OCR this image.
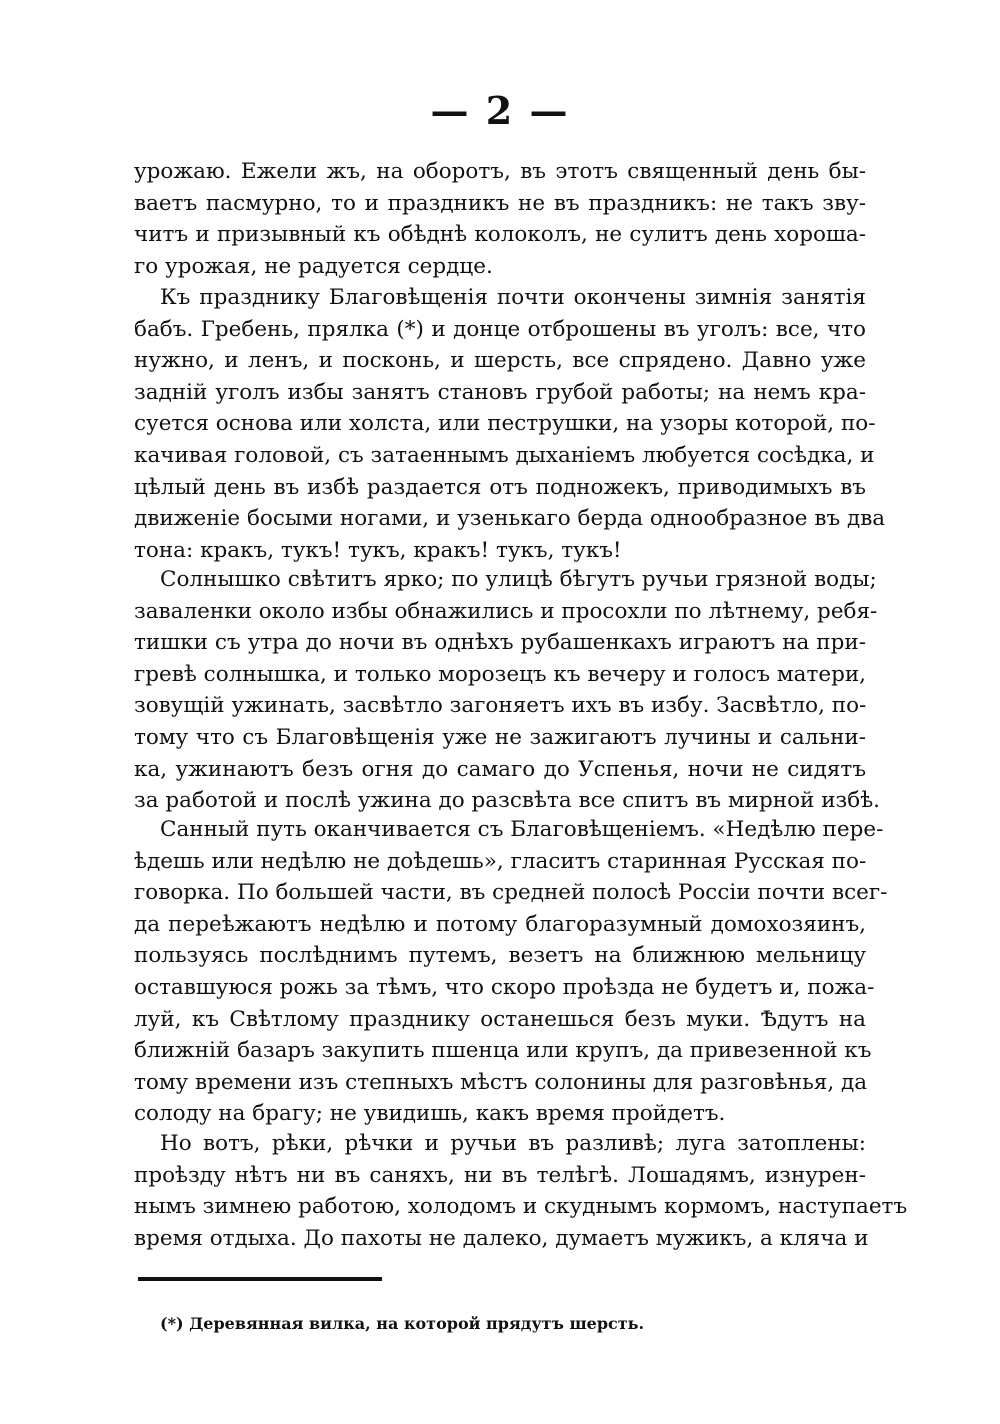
— 2 —
урожаю. Ежели жъ, на оборотъ, въ этотъ священный день бы-
ваетъ пасмурно, то и праздникъ не въ праздникъ: не такъ зву-
читъ и призывный къ обѣднѣ колоколъ, не сулитъ день хороша-
го урожая, не радуется сердце.
Къ празднику Благовѣщенія почти окончены зимнія занятія
бабъ. Гребень, прялка (*) и донце отброшены въ уголъ: все, что
нужно, и ленъ, и посконь, и шерсть, все спрядено. Давно уже
задній уголъ избы занятъ становъ грубой работы; на немъ кра-
суется основа или холста, или пеструшки, на узоры которой, по-
качивая головой, съ затаеннымъ дыханіемъ любуется сосѣдка, и
цѣлый день въ избѣ раздается отъ подножекъ, приводимыхъ въ
движеніе босыми ногами, и узенькаго берда однообразное въ два
тона: кракъ, тукъ! тукъ, кракъ! тукъ, тукъ!
Солнышко свѣтитъ ярко; по улицѣ бѣгутъ ручьи грязной воды;
заваленки около избы обнажились и просохли по лѣтнему, ребя-
тишки съ утра до ночи въ однѣхъ рубашенкахъ играютъ на при-
гревѣ солнышка, и только морозецъ къ вечеру и голосъ матери,
зовущій ужинать, засвѣтло загоняетъ ихъ въ избу. Засвѣтло, по-
тому что съ Благовѣщенія уже не зажигаютъ лучины и сальни-
ка, ужинаютъ безъ огня до самаго до Успенья, ночи не сидятъ
за работой и послѣ ужина до разсвѣта все спитъ въ мирной избѣ.
Санный путь оканчивается съ Благовѣщеніемъ. «Недѣлю пере-
ѣдешь или недѣлю не доѣдешь», гласитъ старинная Русская по-
говорка. По большей части, въ средней полосѣ Россіи почти всег-
да переѣжаютъ недѣлю и потому благоразумный домохозяинъ,
пользуясь послѣднимъ путемъ, везетъ на ближнюю мельницу
оставшуюся рожь за тѣмъ, что скоро проѣзда не будетъ и, пожа-
луй, къ Свѣтлому празднику останешься безъ муки. Ѣдутъ на
ближній базаръ закупить пшенца или крупъ, да привезенной къ
тому времени изъ степныхъ мѣстъ солонины для разговѣнья, да
солоду на брагу; не увидишь, какъ время пройдетъ.
Но вотъ, рѣки, рѣчки и ручьи въ разливѣ; луга затоплены:
проѣзду нѣтъ ни въ саняхъ, ни въ телѣгѣ. Лошадямъ, изнурен-
нымъ зимнею работою, холодомъ и скуднымъ кормомъ, наступаетъ
время отдыха. До пахоты не далеко, думаетъ мужикъ, а кляча и
(*) Деревянная вилка, на которой прядутъ шерсть.
